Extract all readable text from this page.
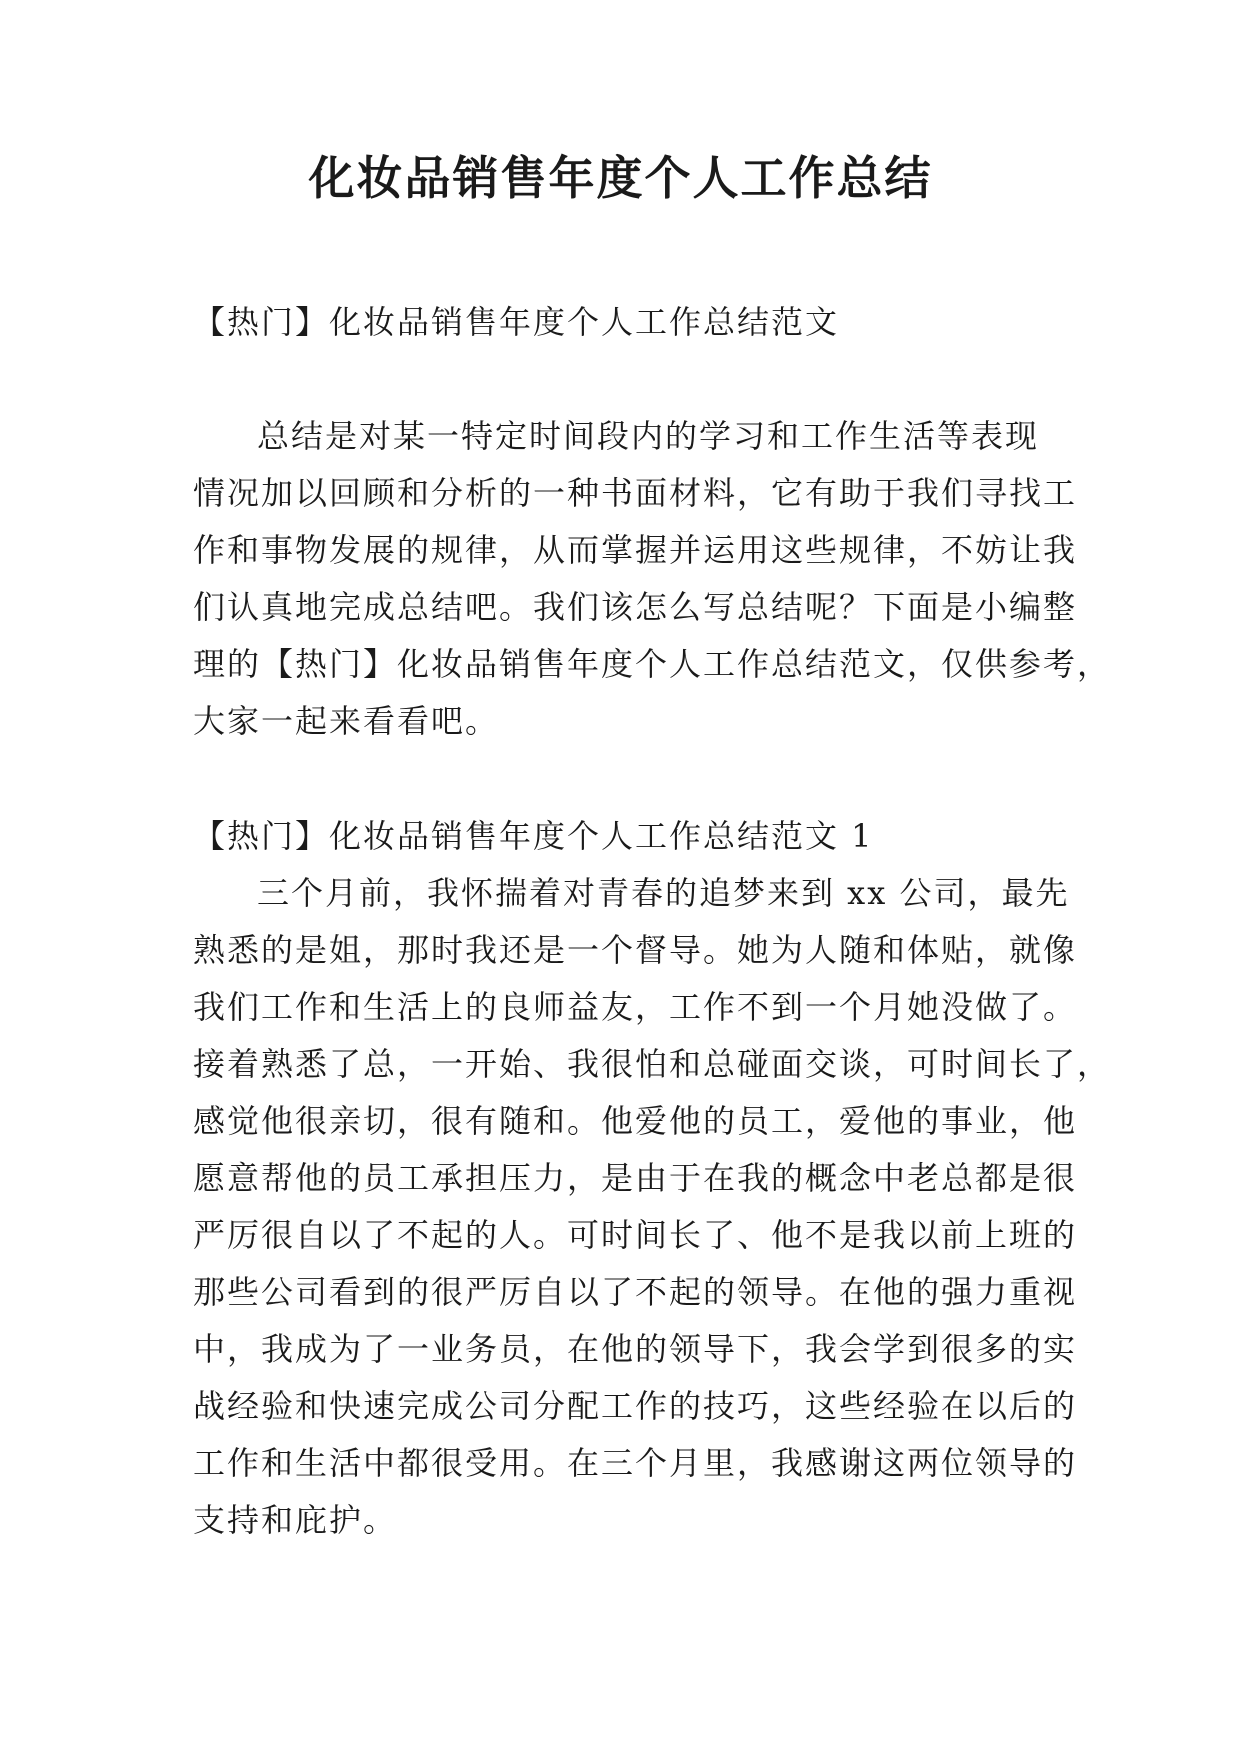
化妆品销售年度个人工作总结

【热门】化妆品销售年度个人工作总结范文

总结是对某一特定时间段内的学习和工作生活等表现

情况加以回顾和分析的一种书面材料，它有助于我们寻找工

作和事物发展的规律，从而掌握并运用这些规律，不妨让我

们认真地完成总结吧。我们该怎么写总结呢？下面是小编整

理的【热门】化妆品销售年度个人工作总结范文，仅供参考，

大家一起来看看吧。

【热门】化妆品销售年度个人工作总结范文 1

三个月前，我怀揣着对青春的追梦来到 xx 公司，最先

熟悉的是姐，那时我还是一个督导。她为人随和体贴，就像

我们工作和生活上的良师益友，工作不到一个月她没做了。

接着熟悉了总，一开始、我很怕和总碰面交谈，可时间长了，

感觉他很亲切，很有随和。他爱他的员工，爱他的事业，他

愿意帮他的员工承担压力，是由于在我的概念中老总都是很

严厉很自以了不起的人。可时间长了、他不是我以前上班的

那些公司看到的很严厉自以了不起的领导。在他的强力重视

中，我成为了一业务员，在他的领导下，我会学到很多的实

战经验和快速完成公司分配工作的技巧，这些经验在以后的

工作和生活中都很受用。在三个月里，我感谢这两位领导的

支持和庇护。
